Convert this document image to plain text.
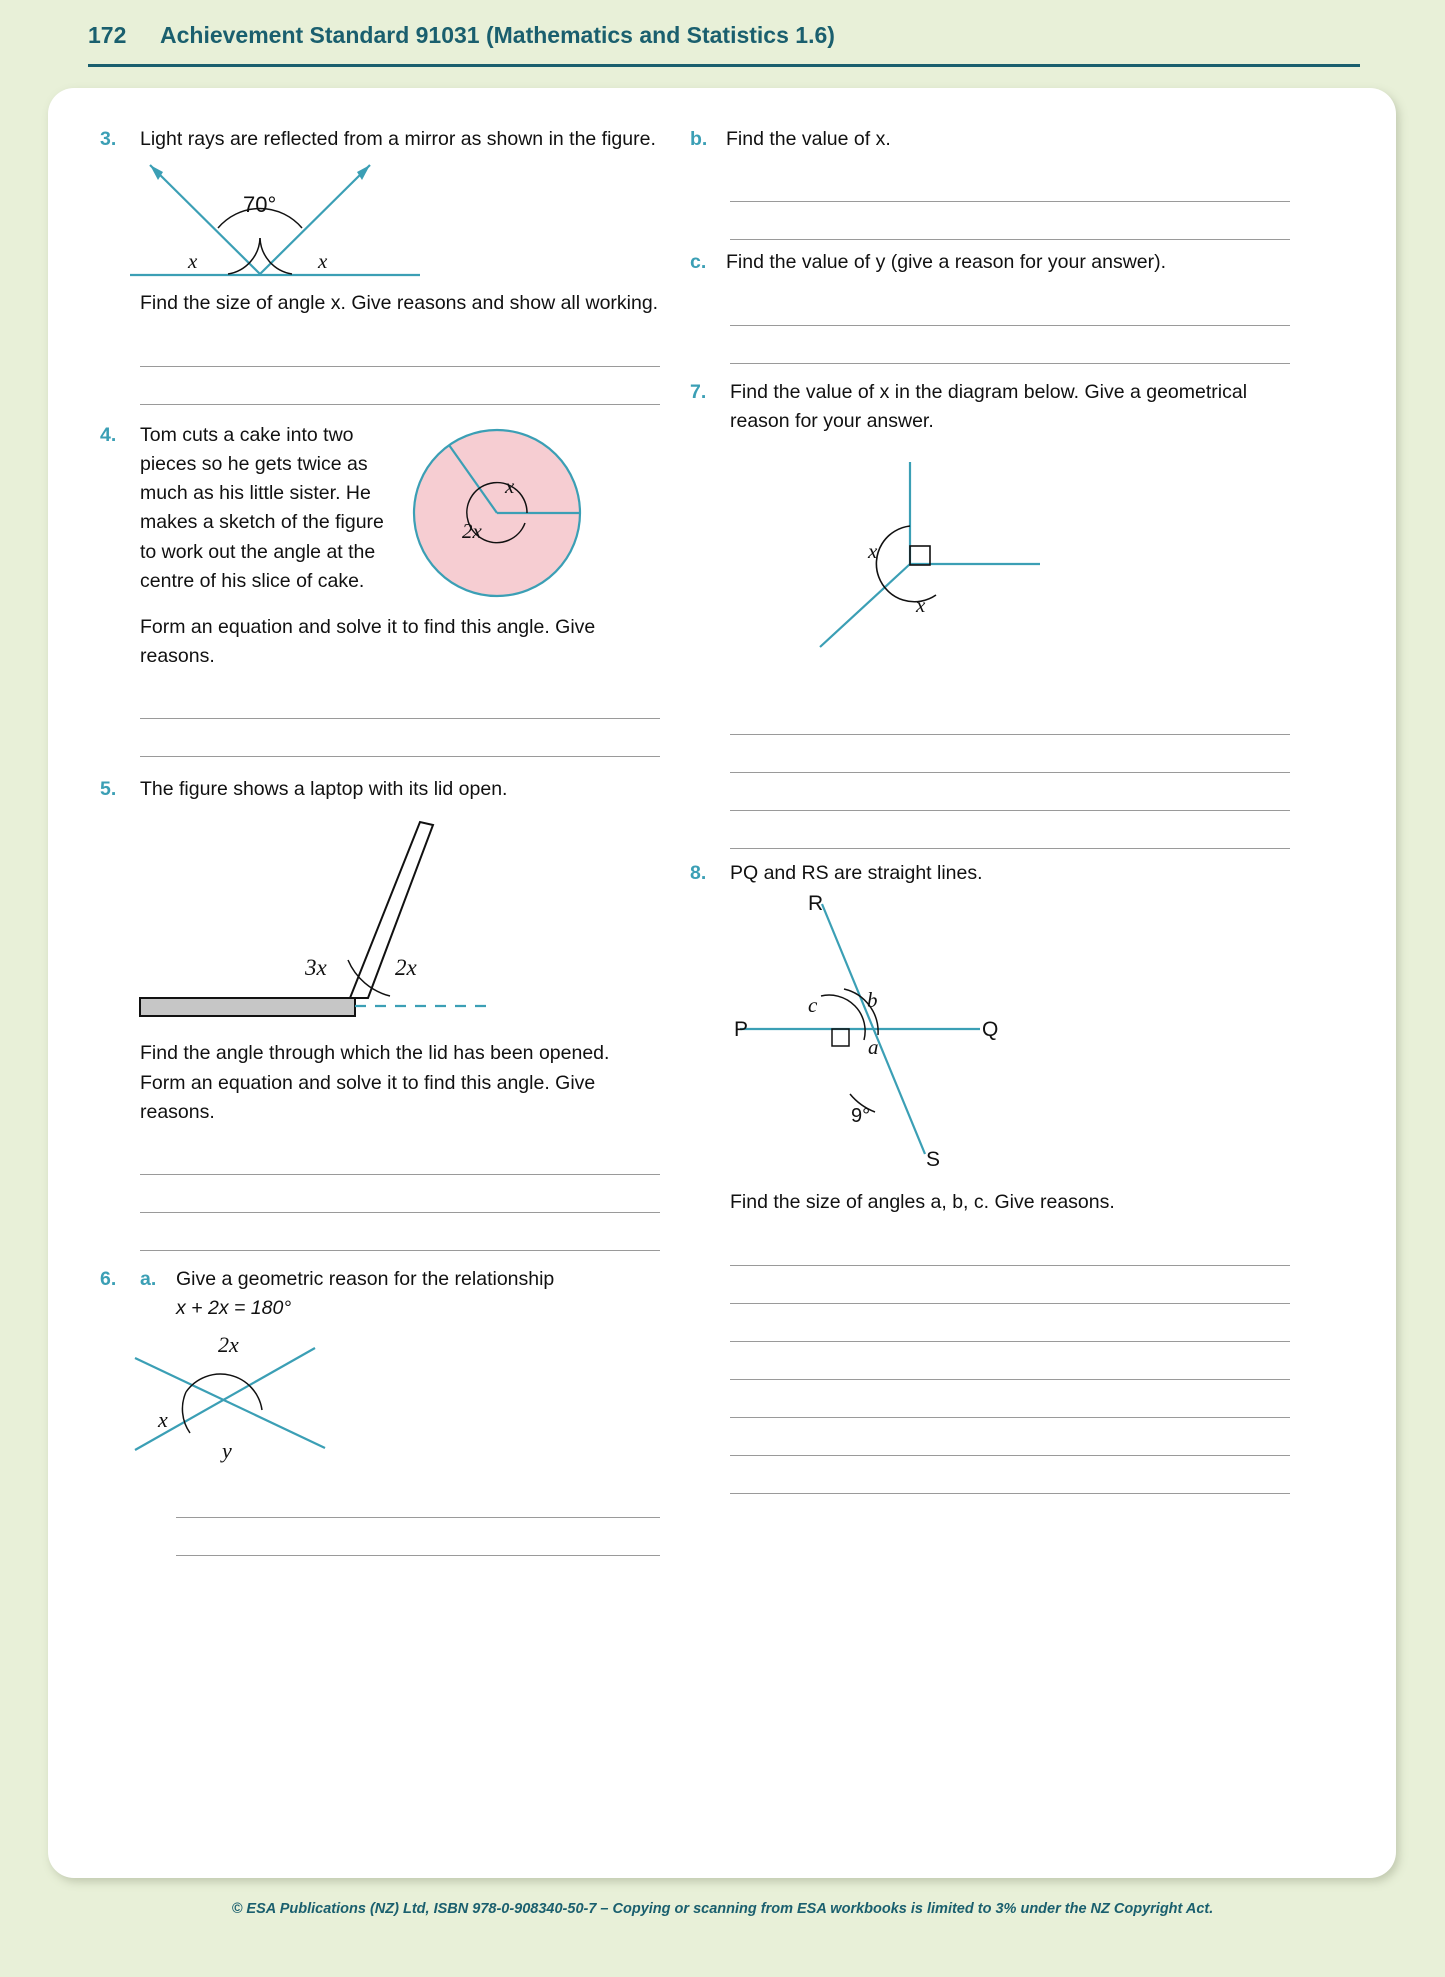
172	Achievement Standard 91031 (Mathematics and Statistics 1.6)
3.	Light rays are reflected from a mirror as shown in the figure.
70°
x	x
Find the size of angle x. Give reasons and show all working.
4.	Tom cuts a cake into two pieces so he gets twice as much as his little sister. He makes a sketch of the figure to work out the angle at the centre of his slice of cake.
x
2x
Form an equation and solve it to find this angle. Give reasons.
5.	The figure shows a laptop with its lid open.
3x	2x
Find the angle through which the lid has been opened. Form an equation and solve it to find this angle. Give reasons.
6.	a.	Give a geometric reason for the relationship
x + 2x = 180°
2x
x
y
b. Find the value of x.
c.	Find the value of y (give a reason for your answer).
7.	Find the value of x in the diagram below. Give a geometrical reason for your answer.
x
x
8.	PQ and RS are straight lines.
P	Q
R
S
a
b
c
9°
Find the size of angles a, b, c. Give reasons.
© ESA Publications (NZ) Ltd, ISBN 978-0-908340-50-7 – Copying or scanning from ESA workbooks is limited to 3% under the NZ Copyright Act.
